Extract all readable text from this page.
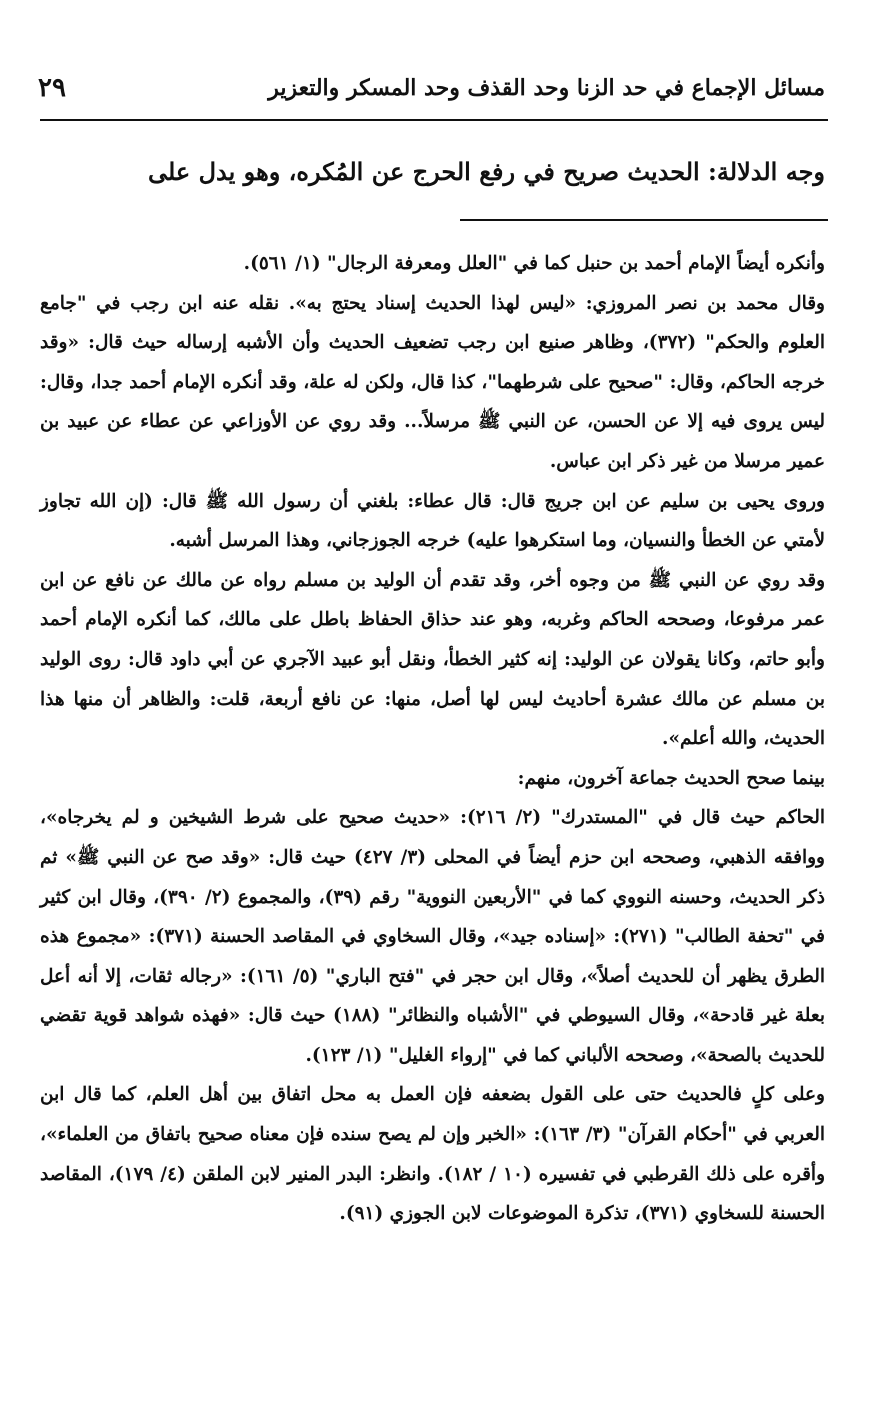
مسائل الإجماع في حد الزنا وحد القذف وحد المسكر والتعزير
٢٩
وجه الدلالة: الحديث صريح في رفع الحرج عن المُكره، وهو يدل على

وأنكره أيضاً الإمام أحمد بن حنبل كما في "العلل ومعرفة الرجال" (١/ ٥٦١).

وقال محمد بن نصر المروزي: «ليس لهذا الحديث إسناد يحتج به». نقله عنه ابن رجب في "جامع العلوم والحكم" (٣٧٢)، وظاهر صنيع ابن رجب تضعيف الحديث وأن الأشبه إرساله حيث قال: «وقد خرجه الحاكم، وقال: "صحيح على شرطهما"، كذا قال، ولكن له علة، وقد أنكره الإمام أحمد جدا، وقال: ليس يروى فيه إلا عن الحسن، عن النبي ﷺ مرسلاً... وقد روي عن الأوزاعي عن عطاء عن عبيد بن عمير مرسلا من غير ذكر ابن عباس.

وروى يحيى بن سليم عن ابن جريج قال: قال عطاء: بلغني أن رسول الله ﷺ قال: (إن الله تجاوز لأمتي عن الخطأ والنسيان، وما استكرهوا عليه) خرجه الجوزجاني، وهذا المرسل أشبه.

وقد روي عن النبي ﷺ من وجوه أخر، وقد تقدم أن الوليد بن مسلم رواه عن مالك عن نافع عن ابن عمر مرفوعا، وصححه الحاكم وغربه، وهو عند حذاق الحفاظ باطل على مالك، كما أنكره الإمام أحمد وأبو حاتم، وكانا يقولان عن الوليد: إنه كثير الخطأ، ونقل أبو عبيد الآجري عن أبي داود قال: روى الوليد بن مسلم عن مالك عشرة أحاديث ليس لها أصل، منها: عن نافع أربعة، قلت: والظاهر أن منها هذا الحديث، والله أعلم».

بينما صحح الحديث جماعة آخرون، منهم:

الحاكم حيث قال في "المستدرك" (٢/ ٢١٦): «حديث صحيح على شرط الشيخين و لم يخرجاه»، ووافقه الذهبي، وصححه ابن حزم أيضاً في المحلى (٣/ ٤٢٧) حيث قال: «وقد صح عن النبي ﷺ» ثم ذكر الحديث، وحسنه النووي كما في "الأربعين النووية" رقم (٣٩)، والمجموع (٢/ ٣٩٠)، وقال ابن كثير في "تحفة الطالب" (٢٧١): «إسناده جيد»، وقال السخاوي في المقاصد الحسنة (٣٧١): «مجموع هذه الطرق يظهر أن للحديث أصلاً»، وقال ابن حجر في "فتح الباري" (٥/ ١٦١): «رجاله ثقات، إلا أنه أعل بعلة غير قادحة»، وقال السيوطي في "الأشباه والنظائر" (١٨٨) حيث قال: «فهذه شواهد قوية تقضي للحديث بالصحة»، وصححه الألباني كما في "إرواء الغليل" (١/ ١٢٣).

وعلى كلٍ فالحديث حتى على القول بضعفه فإن العمل به محل اتفاق بين أهل العلم، كما قال ابن العربي في "أحكام القرآن" (٣/ ١٦٣): «الخبر وإن لم يصح سنده فإن معناه صحيح باتفاق من العلماء»، وأقره على ذلك القرطبي في تفسيره (١٠ / ١٨٢). وانظر: البدر المنير لابن الملقن (٤/ ١٧٩)، المقاصد الحسنة للسخاوي (٣٧١)، تذكرة الموضوعات لابن الجوزي (٩١).
